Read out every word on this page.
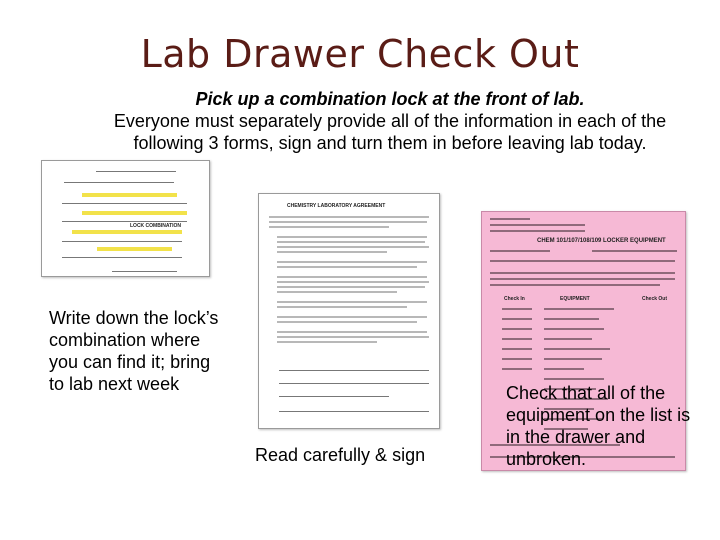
Lab Drawer Check Out
Pick up a combination lock at the front of lab.
Everyone must separately provide all of the information in each of the following 3 forms, sign and turn them in before leaving lab today.
LOCK COMBINATION
CHEMISTRY LABORATORY AGREEMENT
CHEM 101/107/108/109 LOCKER EQUIPMENT
Check In	EQUIPMENT	Check Out
Write down the lock’s combination where you can find it; bring to lab next week
Read carefully & sign
Check that all of the equipment on the list is in the drawer and unbroken.
